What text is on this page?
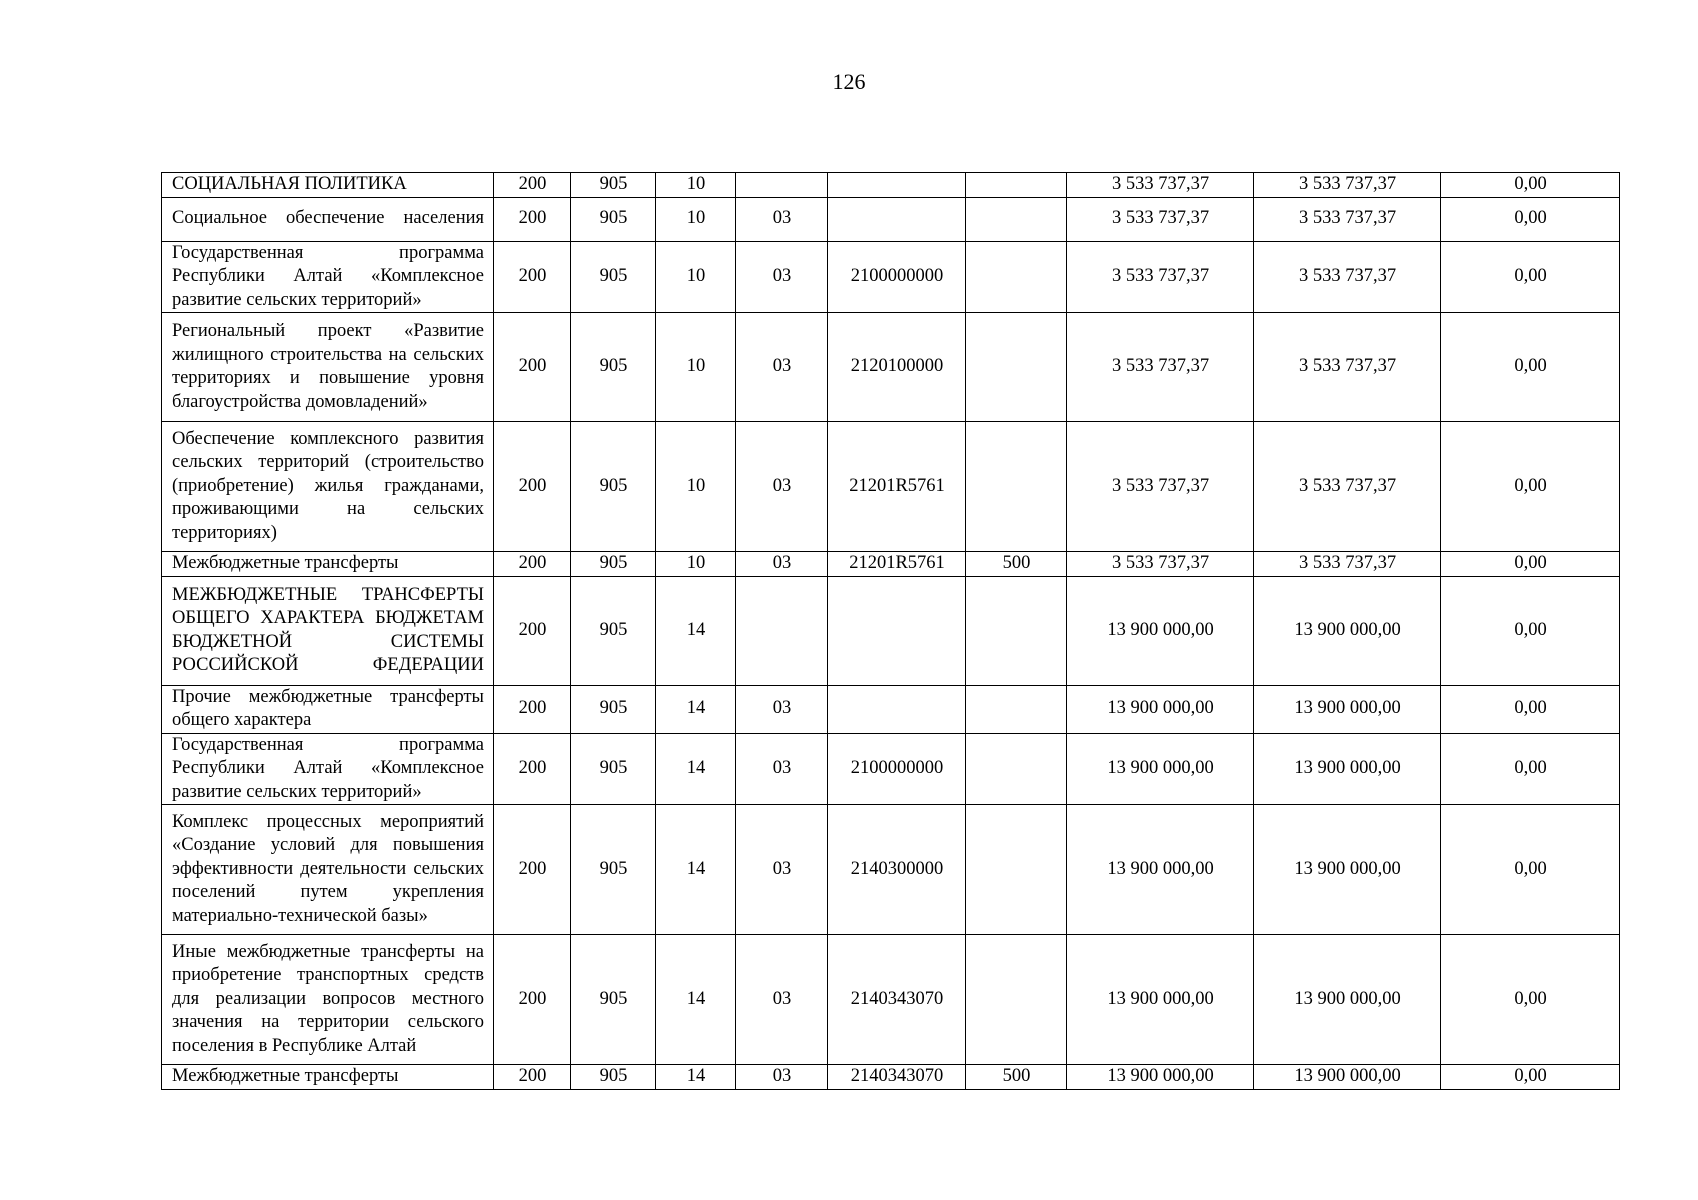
126
СОЦИАЛЬНАЯ ПОЛИТИКА	200	905	10				3 533 737,37	3 533 737,37	0,00
Социальное обеспечение населения	200	905	10	03			3 533 737,37	3 533 737,37	0,00
Государственная программа Республики Алтай «Комплексное развитие сельских территорий»	200	905	10	03	2100000000		3 533 737,37	3 533 737,37	0,00
Региональный проект «Развитие жилищного строительства на сельских территориях и повышение уровня благоустройства домовладений»	200	905	10	03	2120100000		3 533 737,37	3 533 737,37	0,00
Обеспечение комплексного развития сельских территорий (строительство (приобретение) жилья гражданами, проживающими на сельских территориях)	200	905	10	03	21201R5761		3 533 737,37	3 533 737,37	0,00
Межбюджетные трансферты	200	905	10	03	21201R5761	500	3 533 737,37	3 533 737,37	0,00
МЕЖБЮДЖЕТНЫЕ ТРАНСФЕРТЫ ОБЩЕГО ХАРАКТЕРА БЮДЖЕТАМ БЮДЖЕТНОЙ СИСТЕМЫ РОССИЙСКОЙ ФЕДЕРАЦИИ	200	905	14				13 900 000,00	13 900 000,00	0,00
Прочие межбюджетные трансферты общего характера	200	905	14	03			13 900 000,00	13 900 000,00	0,00
Государственная программа Республики Алтай «Комплексное развитие сельских территорий»	200	905	14	03	2100000000		13 900 000,00	13 900 000,00	0,00
Комплекс процессных мероприятий «Создание условий для повышения эффективности деятельности сельских поселений путем укрепления материально-технической базы»	200	905	14	03	2140300000		13 900 000,00	13 900 000,00	0,00
Иные межбюджетные трансферты на приобретение транспортных средств для реализации вопросов местного значения на территории сельского поселения в Республике Алтай	200	905	14	03	2140343070		13 900 000,00	13 900 000,00	0,00
Межбюджетные трансферты	200	905	14	03	2140343070	500	13 900 000,00	13 900 000,00	0,00
